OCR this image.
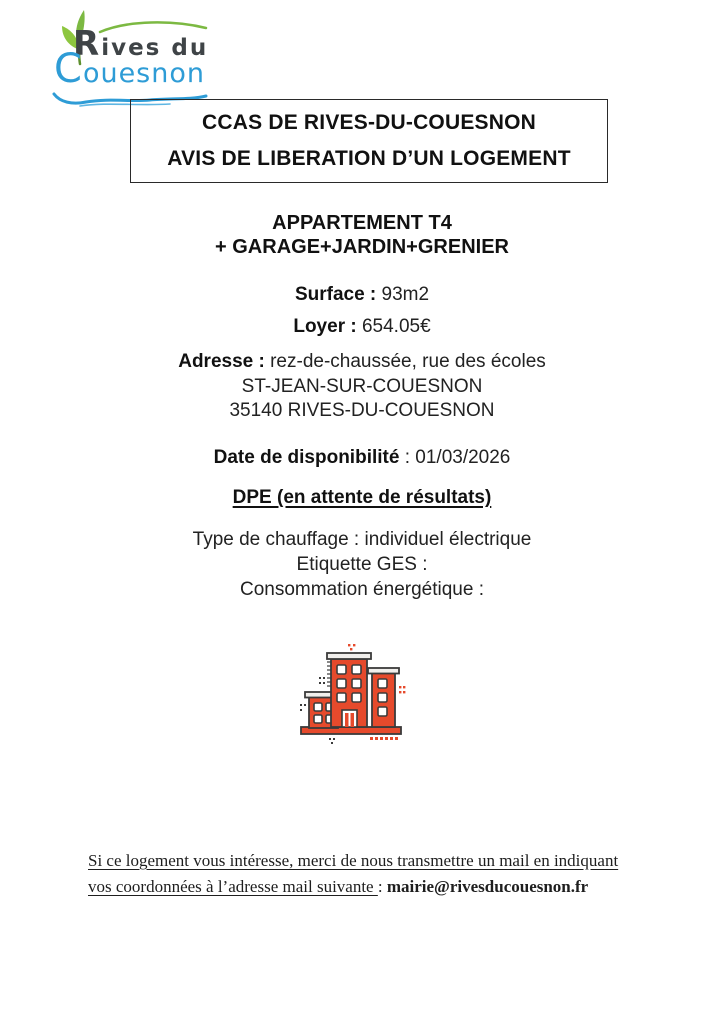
Rives du
Couesnon
CCAS DE RIVES-DU-COUESNON
AVIS DE LIBERATION D’UN LOGEMENT
APPARTEMENT T4
+ GARAGE+JARDIN+GRENIER
Surface : 93m2
Loyer : 654.05€
Adresse : rez-de-chaussée, rue des écoles
ST-JEAN-SUR-COUESNON
35140 RIVES-DU-COUESNON
Date de disponibilité : 01/03/2026
DPE (en attente de résultats)
Type de chauffage : individuel électrique
Etiquette GES :
Consommation énergétique :
Si ce logement vous intéresse, merci de nous transmettre un mail en indiquant
vos coordonnées à l’adresse mail suivante : mairie@rivesducouesnon.fr
